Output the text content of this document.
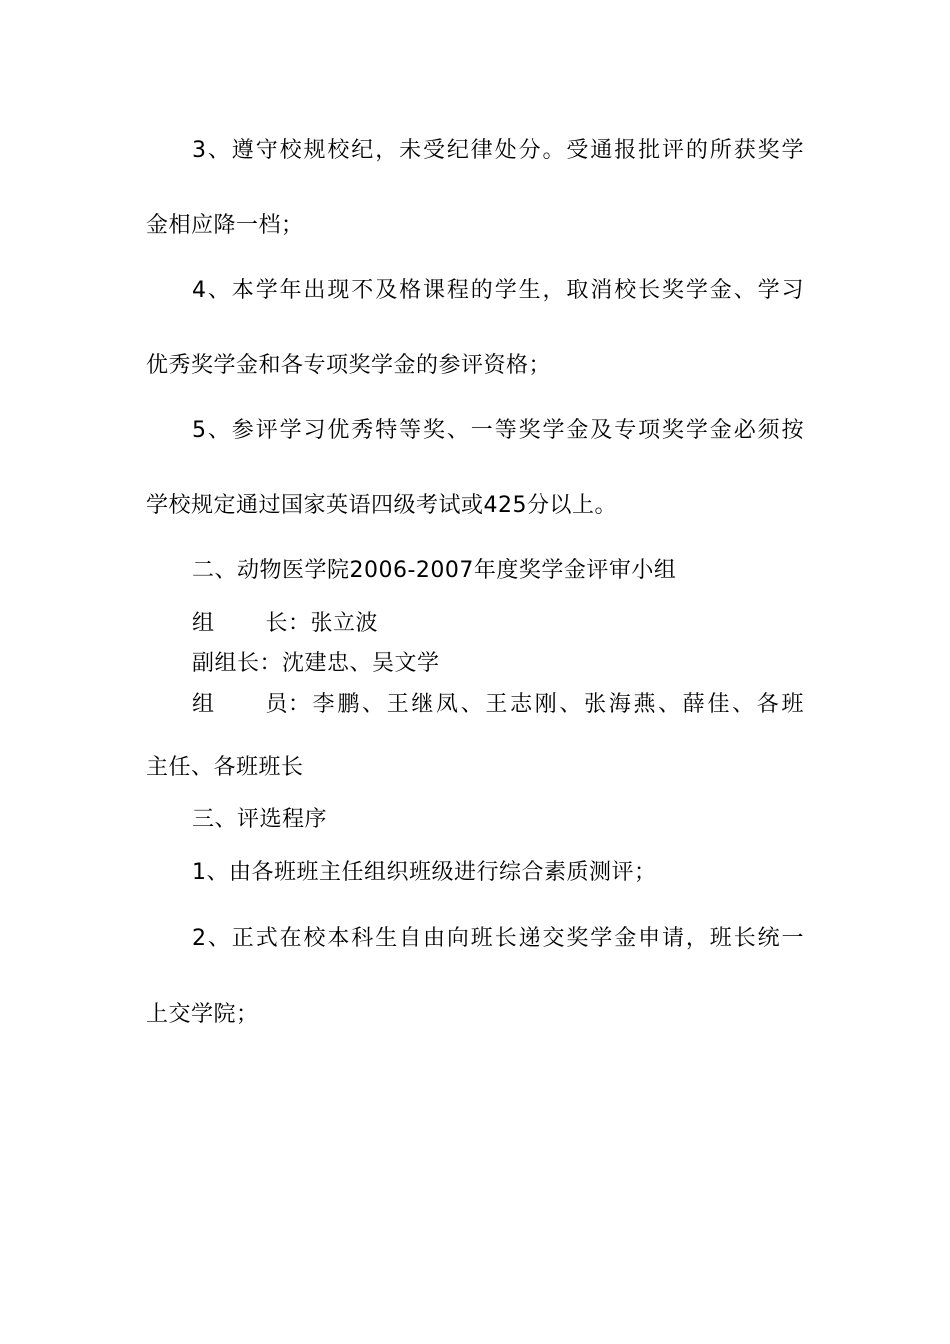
3、遵守校规校纪，未受纪律处分。受通报批评的所获奖学
金相应降一档；
4、本学年出现不及格课程的学生，取消校长奖学金、学习
优秀奖学金和各专项奖学金的参评资格；
5、参评学习优秀特等奖、一等奖学金及专项奖学金必须按
学校规定通过国家英语四级考试或425分以上。
二、动物医学院2006-2007年度奖学金评审小组
组 长：张立波
副组长：沈建忠、吴文学
组 员 ：李鹏、王继凤、王志刚、张海燕、薛佳、各班
主任、各班班长
三、评选程序
1、由各班班主任组织班级进行综合素质测评；
2、正式在校本科生自由向班长递交奖学金申请，班长统一
上交学院；
